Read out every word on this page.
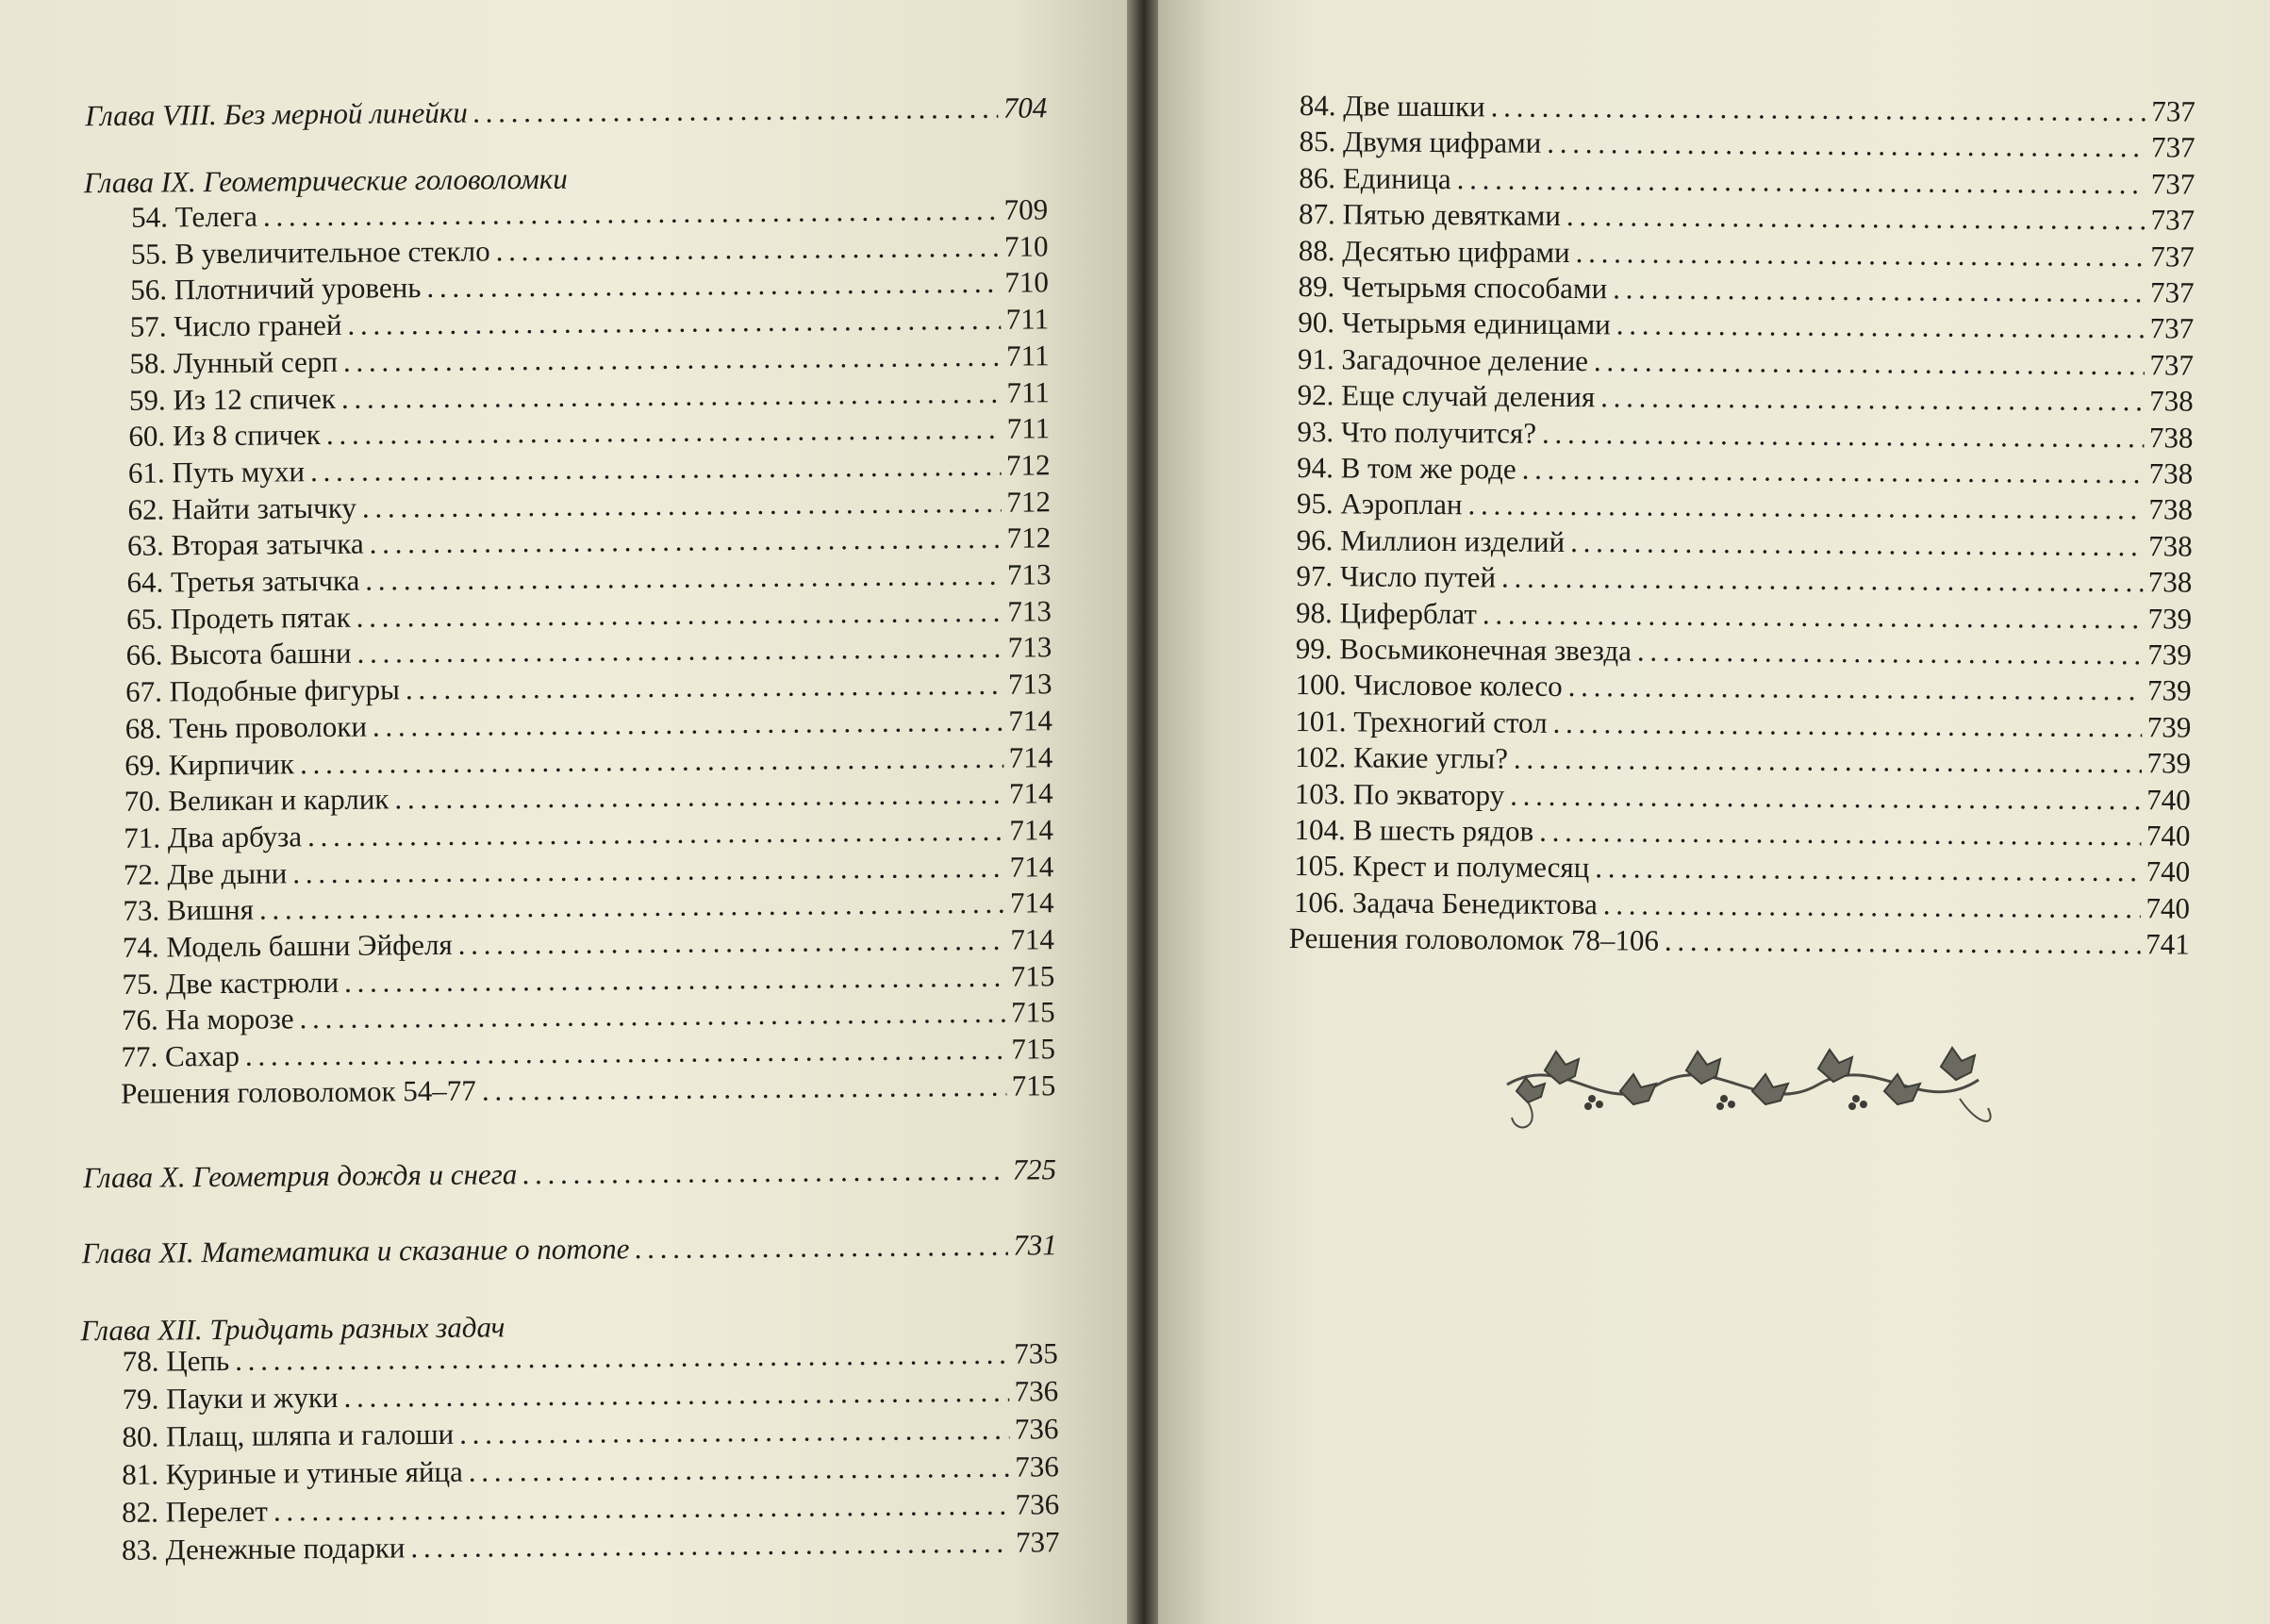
Глава VIII. Без мерной линейки . . .	704
Глава IX. Геометрические головоломки
54. Телега . . .	709
55. В увеличительное стекло . . .	710
56. Плотничий уровень . . .	710
57. Число граней . . .	711
58. Лунный серп . . .	711
59. Из 12 спичек . . .	711
60. Из 8 спичек . . .	711
61. Путь мухи . . .	712
62. Найти затычку . . .	712
63. Вторая затычка . . .	712
64. Третья затычка . . .	713
65. Продеть пятак . . .	713
66. Высота башни . . .	713
67. Подобные фигуры . . .	713
68. Тень проволоки . . .	714
69. Кирпичик . . .	714
70. Великан и карлик . . .	714
71. Два арбуза . . .	714
72. Две дыни . . .	714
73. Вишня . . .	714
74. Модель башни Эйфеля . . .	714
75. Две кастрюли . . .	715
76. На морозе . . .	715
77. Сахар . . .	715
Решения головоломок 54–77 . . .	715
Глава X. Геометрия дождя и снега . . .	725
Глава XI. Математика и сказание о потопе . . .	731
Глава XII. Тридцать разных задач
78. Цепь . . .	735
79. Пауки и жуки . . .	736
80. Плащ, шляпа и галоши . . .	736
81. Куриные и утиные яйца . . .	736
82. Перелет . . .	736
83. Денежные подарки . . .	737
84. Две шашки . . .	737
85. Двумя цифрами . . .	737
86. Единица . . .	737
87. Пятью девятками . . .	737
88. Десятью цифрами . . .	737
89. Четырьмя способами . . .	737
90. Четырьмя единицами . . .	737
91. Загадочное деление . . .	737
92. Еще случай деления . . .	738
93. Что получится? . . .	738
94. В том же роде . . .	738
95. Аэроплан . . .	738
96. Миллион изделий . . .	738
97. Число путей . . .	738
98. Циферблат . . .	739
99. Восьмиконечная звезда . . .	739
100. Числовое колесо . . .	739
101. Трехногий стол . . .	739
102. Какие углы? . . .	739
103. По экватору . . .	740
104. В шесть рядов . . .	740
105. Крест и полумесяц . . .	740
106. Задача Бенедиктова . . .	740
Решения головоломок 78–106 . . .	741
